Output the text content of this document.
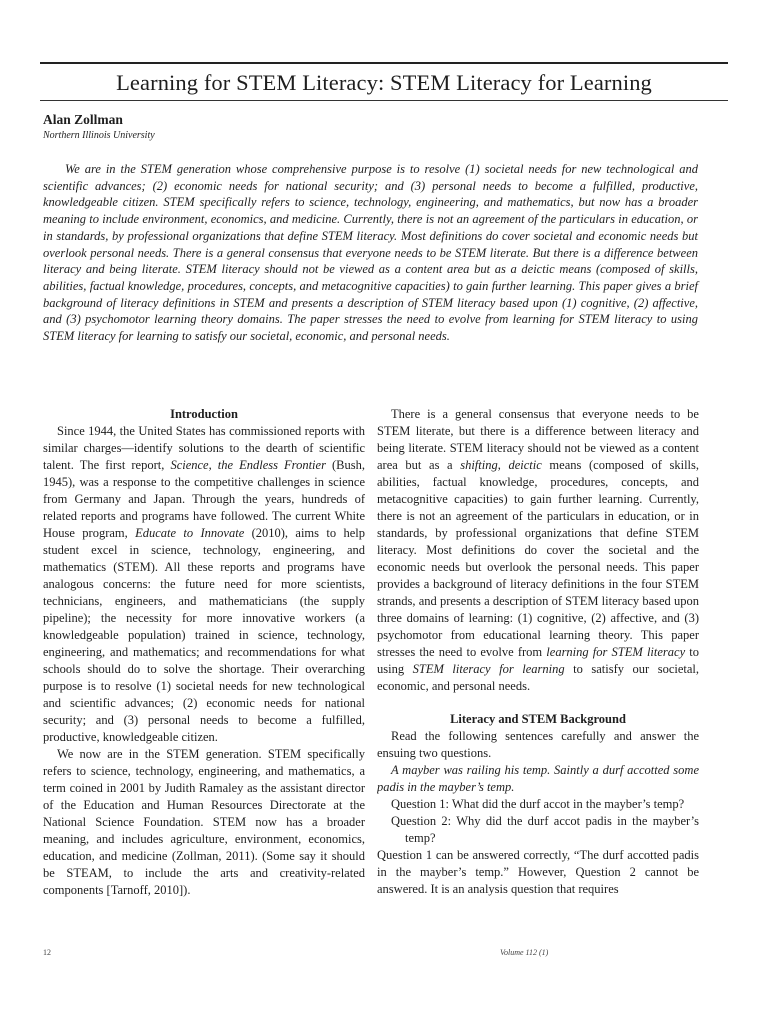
Learning for STEM Literacy: STEM Literacy for Learning
Alan Zollman
Northern Illinois University

We are in the STEM generation whose comprehensive purpose is to resolve (1) societal needs for new technological and scientific advances; (2) economic needs for national security; and (3) personal needs to become a fulfilled, productive, knowledgeable citizen. STEM specifically refers to science, technology, engineering, and mathematics, but now has a broader meaning to include environment, economics, and medicine. Currently, there is not an agreement of the particulars in education, or in standards, by professional organizations that define STEM literacy. Most definitions do cover societal and economic needs but overlook personal needs. There is a general consensus that everyone needs to be STEM literate. But there is a difference between literacy and being literate. STEM literacy should not be viewed as a content area but as a deictic means (composed of skills, abilities, factual knowledge, procedures, concepts, and metacognitive capacities) to gain further learning. This paper gives a brief background of literacy definitions in STEM and presents a description of STEM literacy based upon (1) cognitive, (2) affective, and (3) psychomotor learning theory domains. The paper stresses the need to evolve from learning for STEM literacy to using STEM literacy for learning to satisfy our societal, economic, and personal needs.

Introduction

Since 1944, the United States has commissioned reports with similar charges—identify solutions to the dearth of scientific talent. The first report, Science, the Endless Frontier (Bush, 1945), was a response to the competitive challenges in science from Germany and Japan. Through the years, hundreds of related reports and programs have followed. The current White House program, Educate to Innovate (2010), aims to help student excel in science, technology, engineering, and mathematics (STEM). All these reports and programs have analogous concerns: the future need for more scientists, technicians, engineers, and mathematicians (the supply pipeline); the necessity for more innovative workers (a knowledgeable population) trained in science, technology, engineering, and mathematics; and recommendations for what schools should do to solve the shortage. Their overarching purpose is to resolve (1) societal needs for new technological and scientific advances; (2) economic needs for national security; and (3) personal needs to become a fulfilled, productive, knowledgeable citizen.

We now are in the STEM generation. STEM specifically refers to science, technology, engineering, and mathematics, a term coined in 2001 by Judith Ramaley as the assistant director of the Education and Human Resources Directorate at the National Science Foundation. STEM now has a broader meaning, and includes agriculture, environment, economics, education, and medicine (Zollman, 2011). (Some say it should be STEAM, to include the arts and creativity-related components [Tarnoff, 2010]).

There is a general consensus that everyone needs to be STEM literate, but there is a difference between literacy and being literate. STEM literacy should not be viewed as a content area but as a shifting, deictic means (composed of skills, abilities, factual knowledge, procedures, concepts, and metacognitive capacities) to gain further learning. Currently, there is not an agreement of the particulars in education, or in standards, by professional organizations that define STEM literacy. Most definitions do cover the societal and the economic needs but overlook the personal needs. This paper provides a background of literacy definitions in the four STEM strands, and presents a description of STEM literacy based upon three domains of learning: (1) cognitive, (2) affective, and (3) psychomotor from educational learning theory. This paper stresses the need to evolve from learning for STEM literacy to using STEM literacy for learning to satisfy our societal, economic, and personal needs.

Literacy and STEM Background

Read the following sentences carefully and answer the ensuing two questions.

A mayber was railing his temp. Saintly a durf accotted some padis in the mayber’s temp.

Question 1: What did the durf accot in the mayber’s temp?

Question 2: Why did the durf accot padis in the mayber’s temp?

Question 1 can be answered correctly, “The durf accotted padis in the mayber’s temp.” However, Question 2 cannot be answered. It is an analysis question that requires

12	Volume 112 (1)
